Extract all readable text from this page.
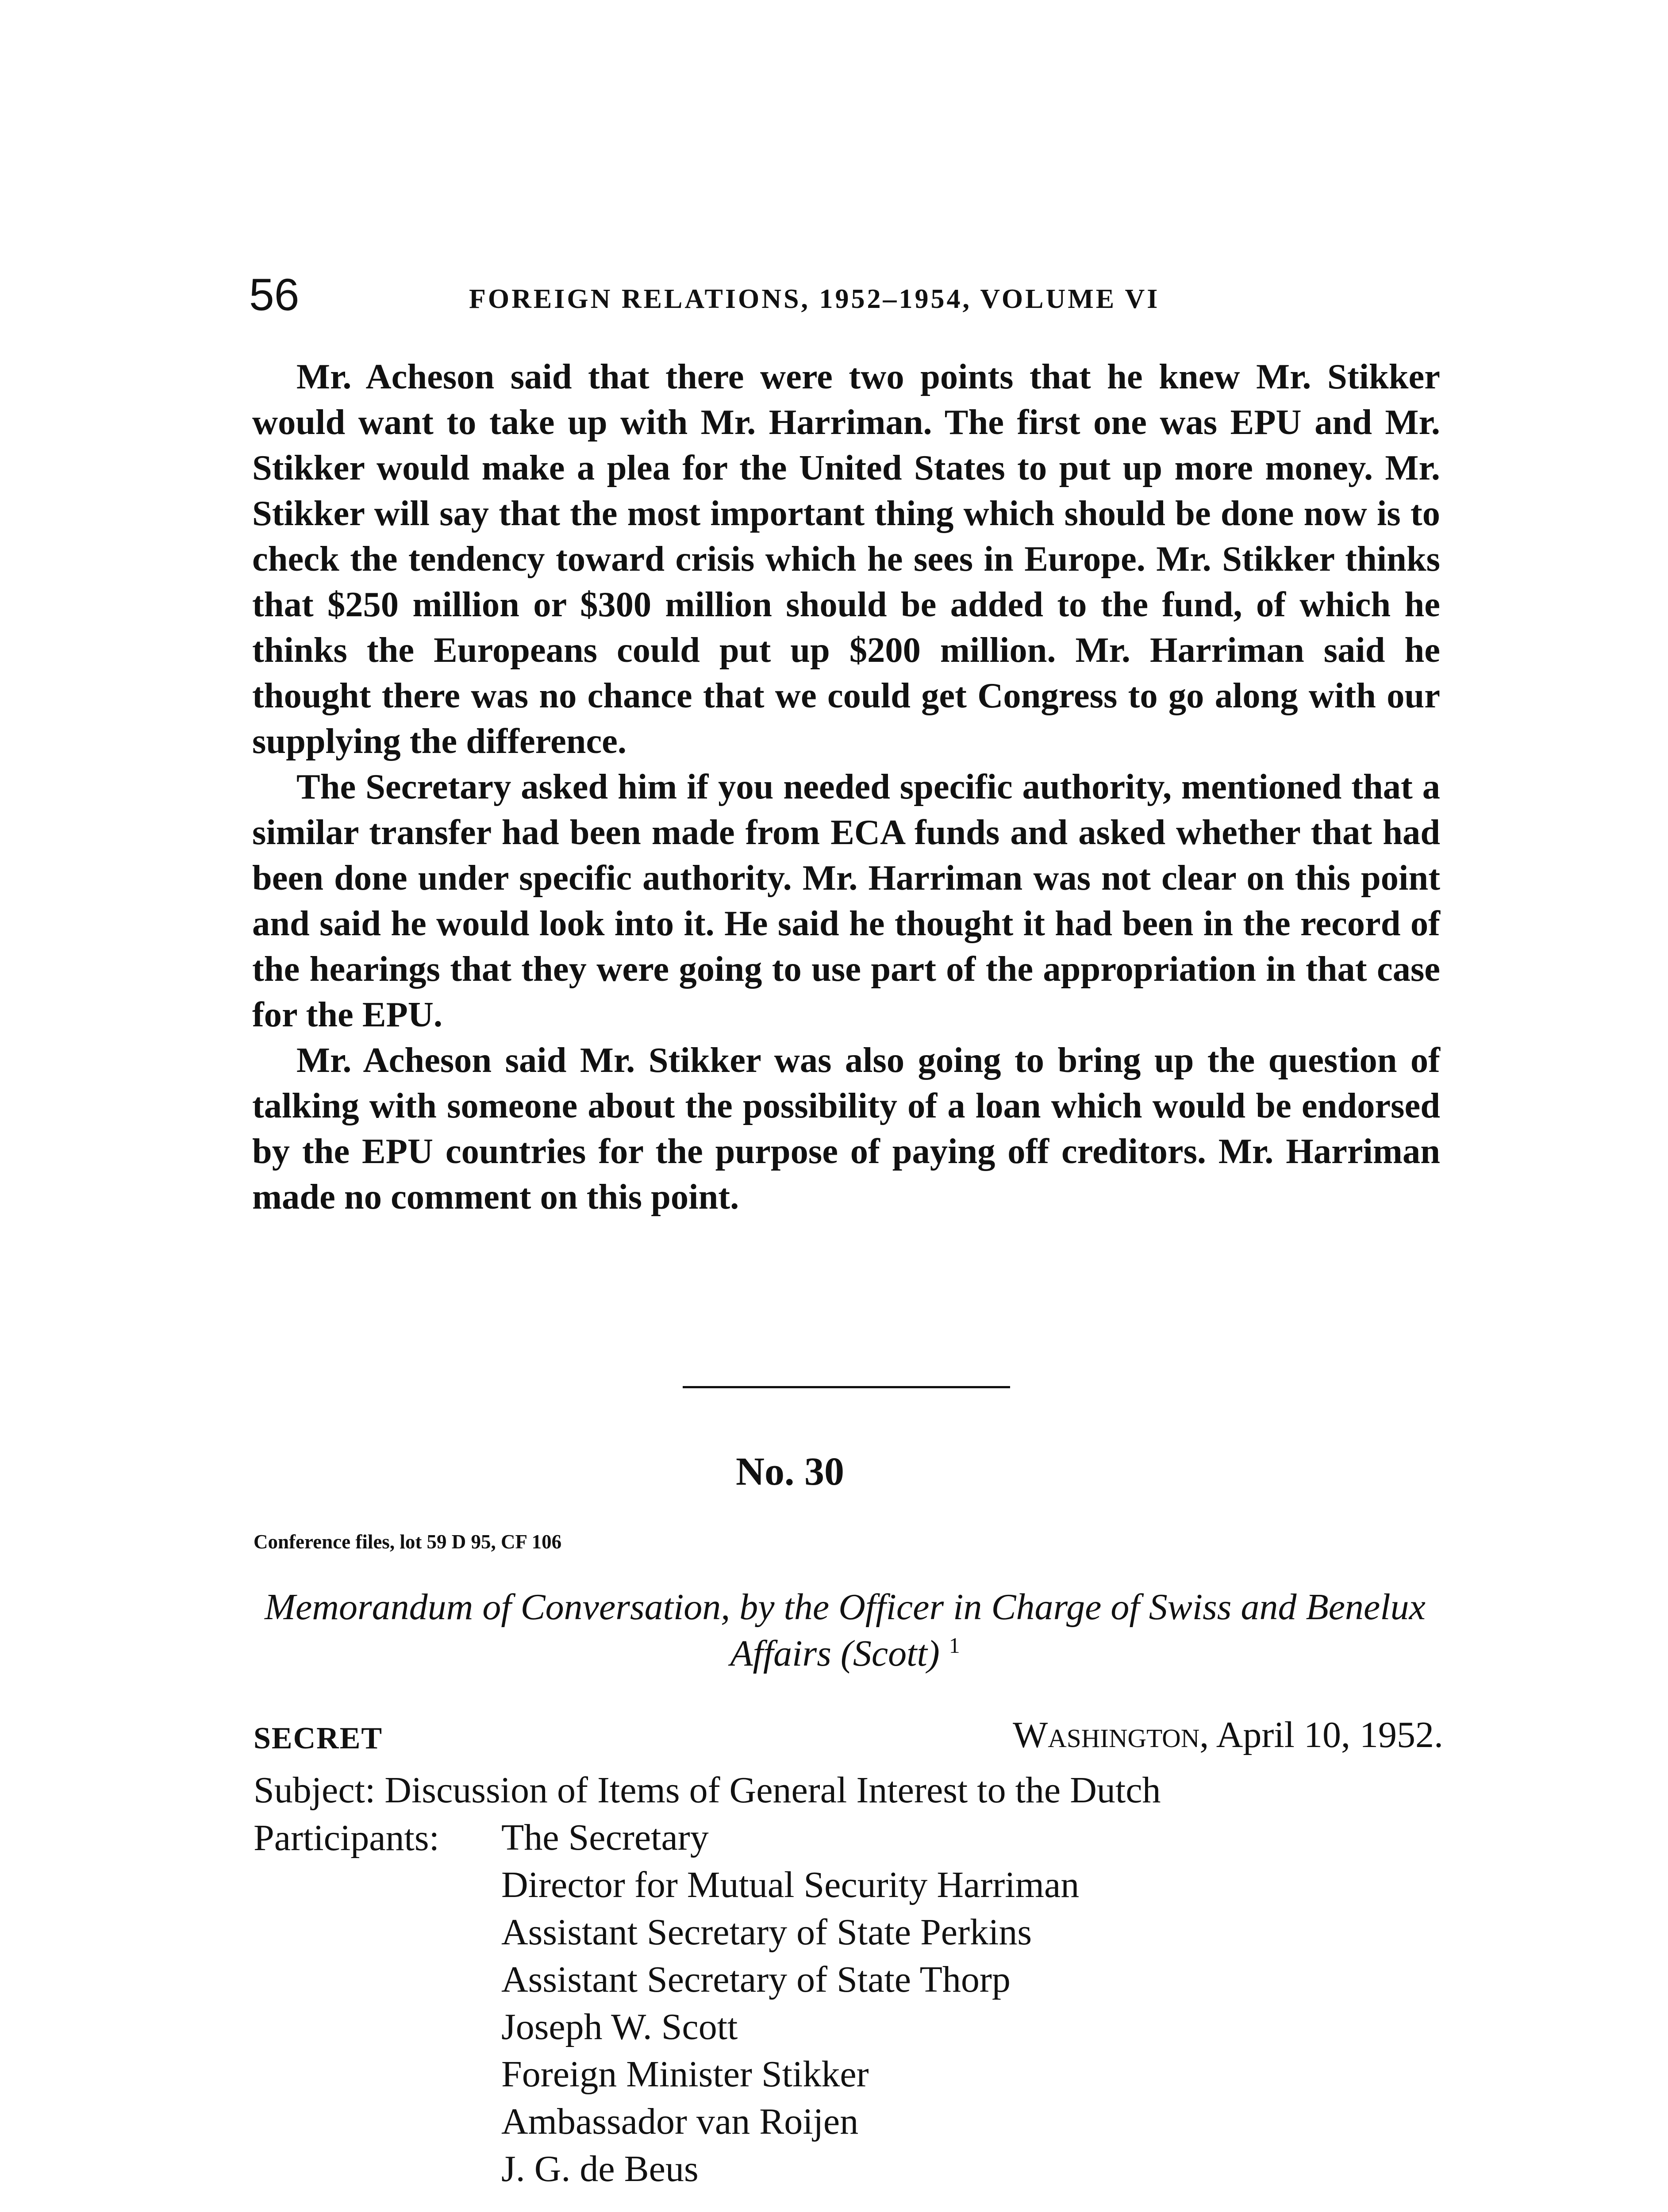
56	FOREIGN RELATIONS, 1952–1954, VOLUME VI

Mr. Acheson said that there were two points that he knew Mr. Stikker would want to take up with Mr. Harriman. The first one was EPU and Mr. Stikker would make a plea for the United States to put up more money. Mr. Stikker will say that the most important thing which should be done now is to check the tendency toward crisis which he sees in Europe. Mr. Stikker thinks that $250 million or $300 million should be added to the fund, of which he thinks the Europeans could put up $200 million. Mr. Harriman said he thought there was no chance that we could get Congress to go along with our supplying the difference.

The Secretary asked him if you needed specific authority, mentioned that a similar transfer had been made from ECA funds and asked whether that had been done under specific authority. Mr. Harriman was not clear on this point and said he would look into it. He said he thought it had been in the record of the hearings that they were going to use part of the appropriation in that case for the EPU.

Mr. Acheson said Mr. Stikker was also going to bring up the question of talking with someone about the possibility of a loan which would be endorsed by the EPU countries for the purpose of paying off creditors. Mr. Harriman made no comment on this point.

No. 30
Conference files, lot 59 D 95, CF 106
Memorandum of Conversation, by the Officer in Charge of Swiss and Benelux Affairs (Scott) $^1$
SECRET	Washington, April 10, 1952.
Subject: Discussion of Items of General Interest to the Dutch
Participants: The Secretary
Director for Mutual Security Harriman
Assistant Secretary of State Perkins
Assistant Secretary of State Thorp
Joseph W. Scott
Foreign Minister Stikker
Ambassador van Roijen
J. G. de Beus
